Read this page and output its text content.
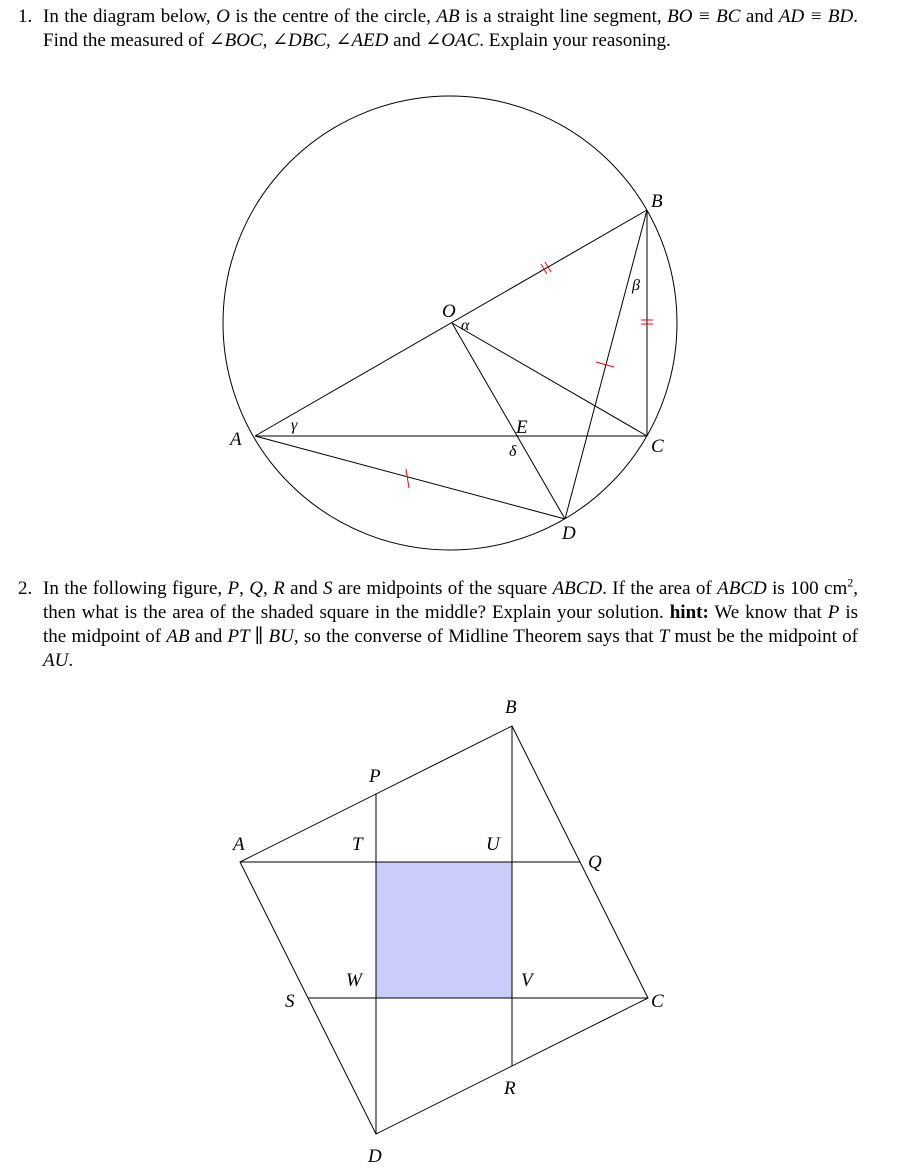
1. In the diagram below, O is the centre of the circle, AB is a straight line segment, BO ≡ BC and AD ≡ BD. Find the measured of ∠BOC, ∠DBC, ∠AED and ∠OAC. Explain your reasoning.
O
A
B
C
D
E
α
β
γ
δ
A
B
C
D
P
Q
R
S
T	U
V
W
2. In the following figure, P, Q, R and S are midpoints of the square ABCD. If the area of ABCD is 100 $cm^2$, then what is the area of the shaded square in the middle? Explain your solution. hint: We know that P is the midpoint of AB and PT ∥ BU, so the converse of Midline Theorem says that T must be the midpoint of AU.
